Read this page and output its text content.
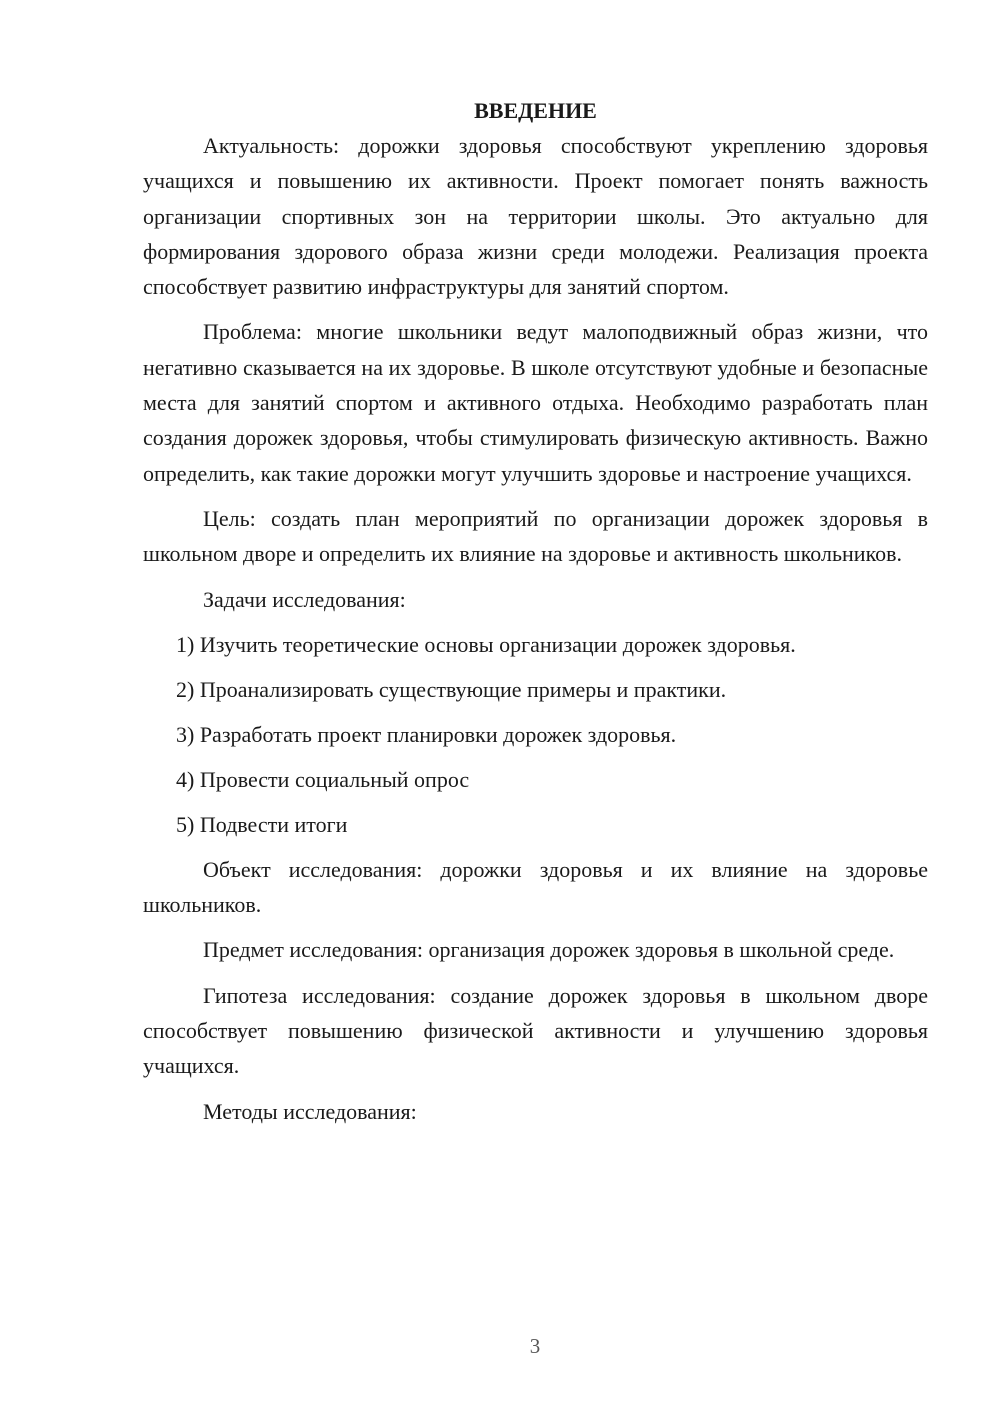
ВВЕДЕНИЕ

Актуальность: дорожки здоровья способствуют укреплению здоровья учащихся и повышению их активности. Проект помогает понять важность организации спортивных зон на территории школы. Это актуально для формирования здорового образа жизни среди молодежи. Реализация проекта способствует развитию инфраструктуры для занятий спортом.

Проблема: многие школьники ведут малоподвижный образ жизни, что негативно сказывается на их здоровье. В школе отсутствуют удобные и безопасные места для занятий спортом и активного отдыха. Необходимо разработать план создания дорожек здоровья, чтобы стимулировать физическую активность. Важно определить, как такие дорожки могут улучшить здоровье и настроение учащихся.

Цель: создать план мероприятий по организации дорожек здоровья в школьном дворе и определить их влияние на здоровье и активность школьников.

Задачи исследования:

1) Изучить теоретические основы организации дорожек здоровья.
2) Проанализировать существующие примеры и практики.
3) Разработать проект планировки дорожек здоровья.
4) Провести социальный опрос
5) Подвести итоги

Объект исследования: дорожки здоровья и их влияние на здоровье школьников.

Предмет исследования: организация дорожек здоровья в школьной среде.

Гипотеза исследования: создание дорожек здоровья в школьном дворе способствует повышению физической активности и улучшению здоровья учащихся.

Методы исследования:

3
